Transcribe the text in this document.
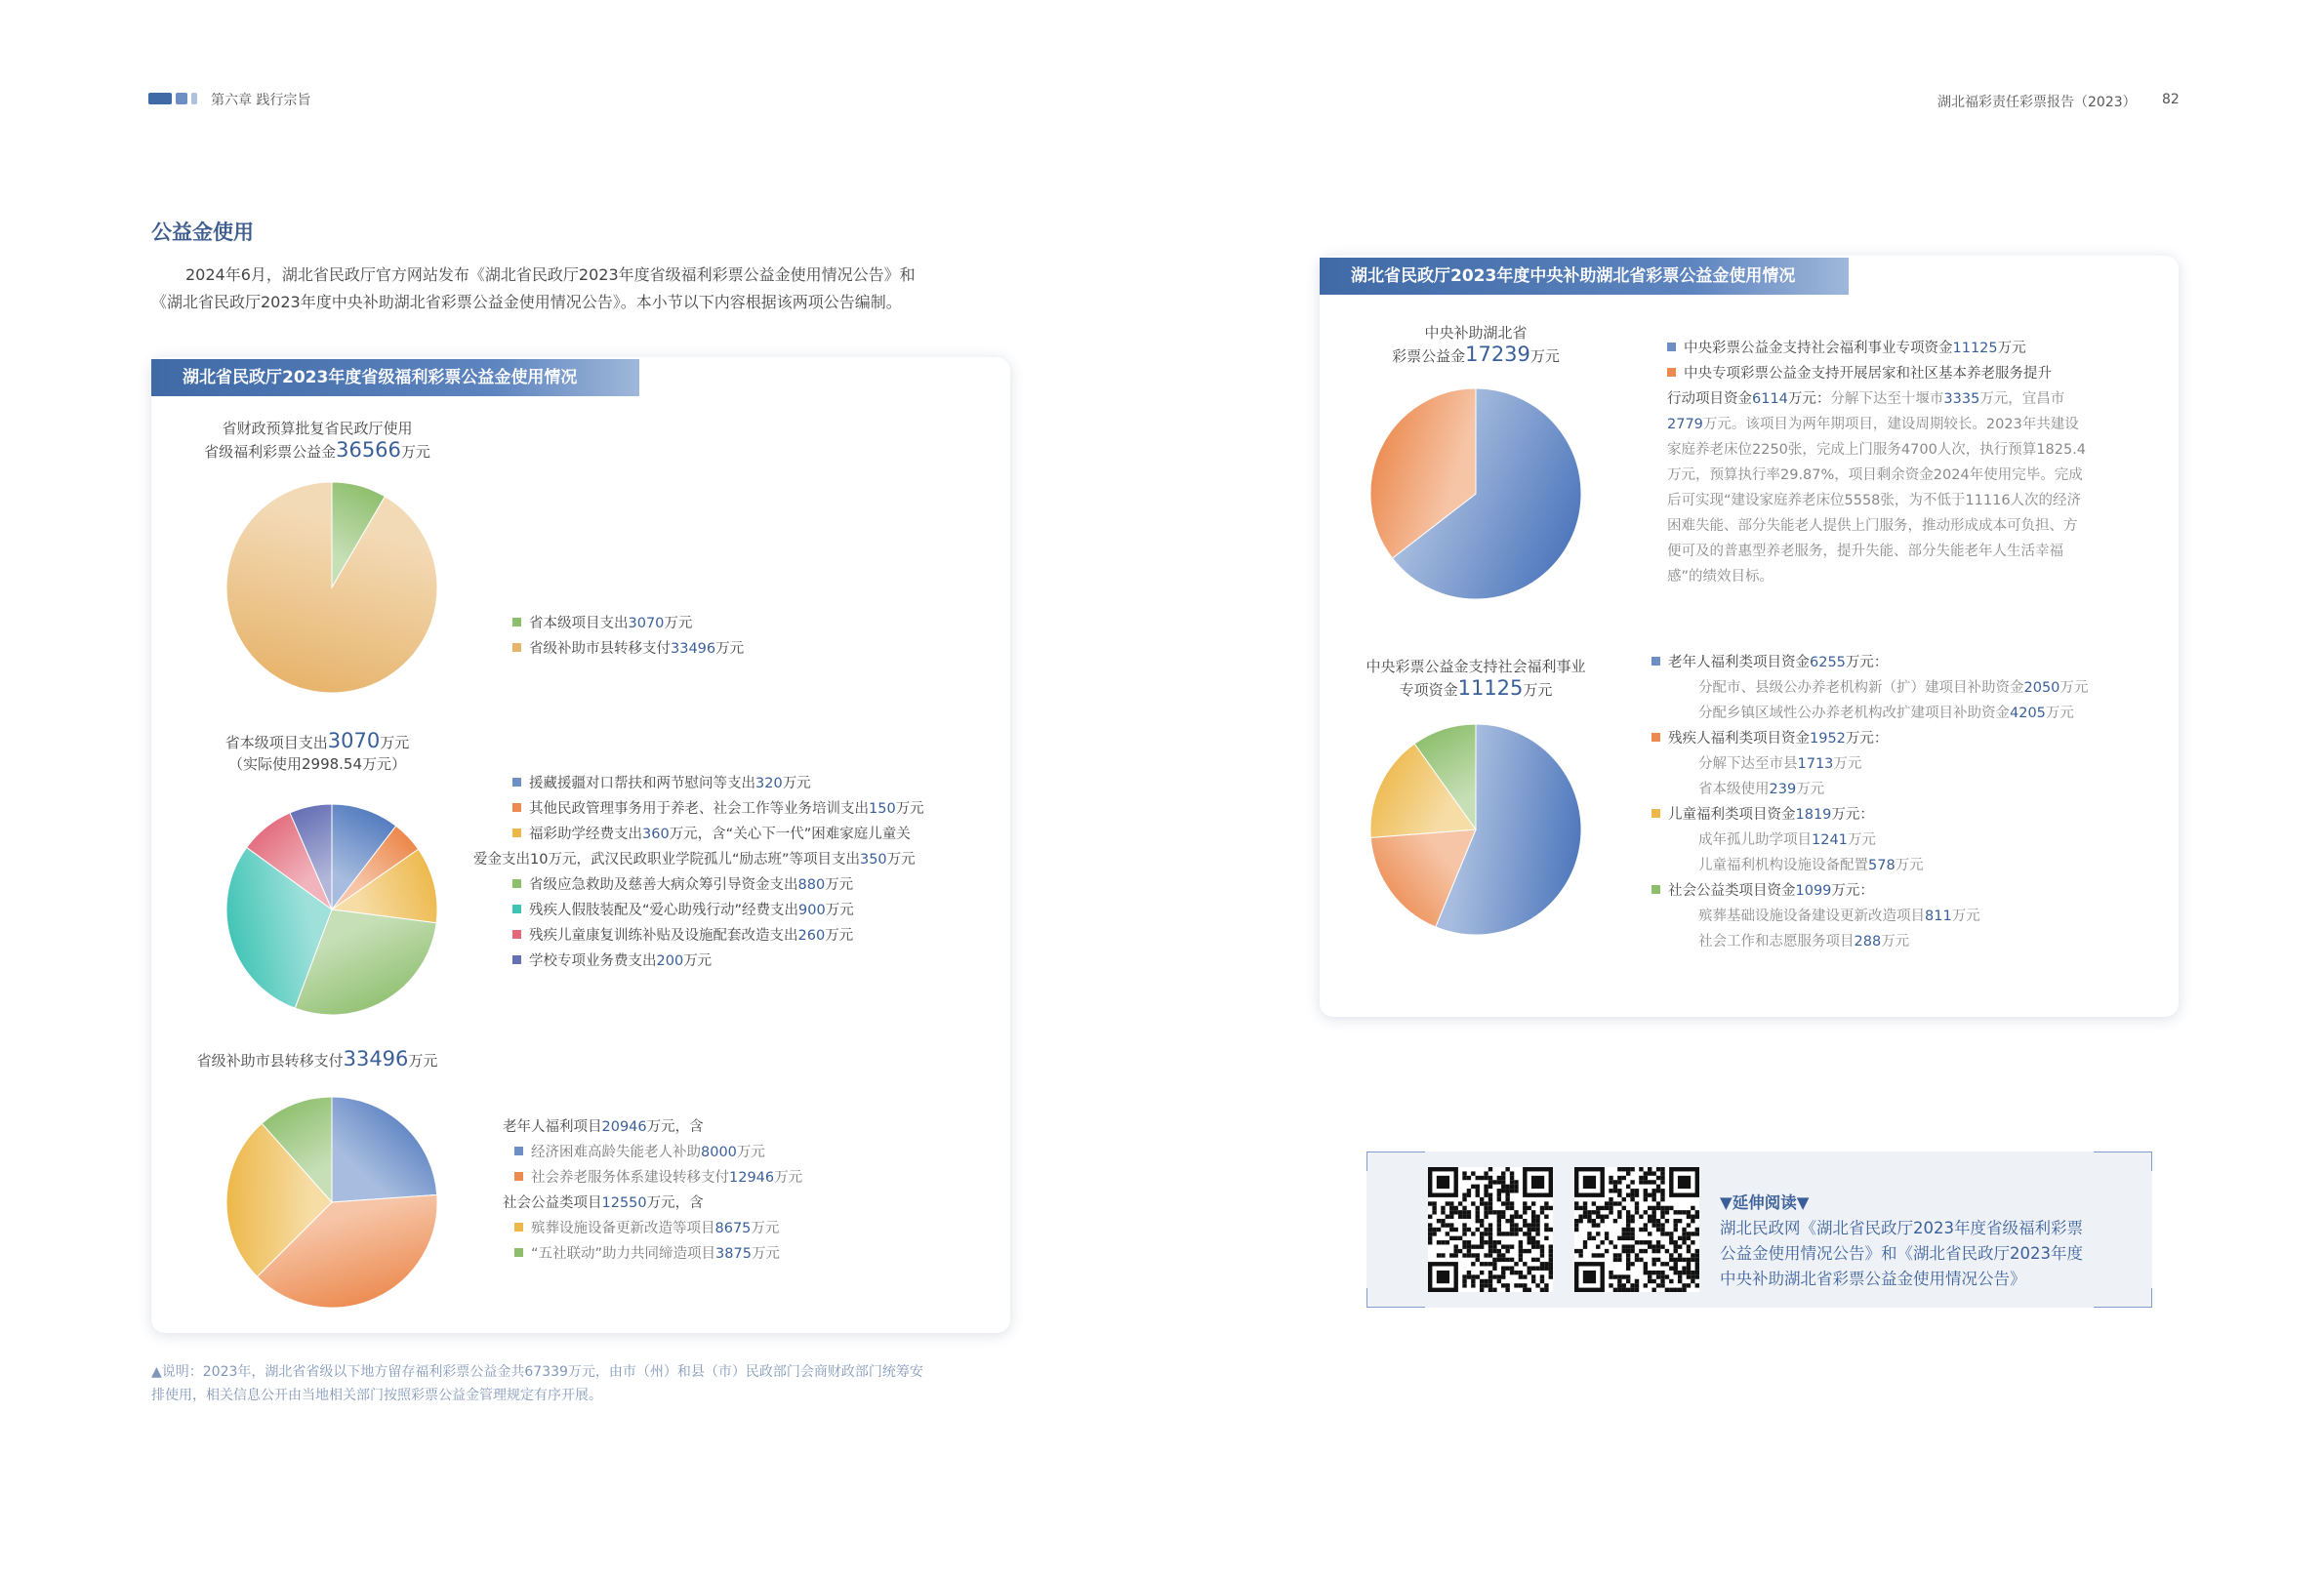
第六章 践行宗旨	湖北福彩责任彩票报告（2023） 82
公益金使用
2024年6月，湖北省民政厅官方网站发布《湖北省民政厅2023年度省级福利彩票公益金使用情况公告》和
《湖北省民政厅2023年度中央补助湖北省彩票公益金使用情况公告》。本小节以下内容根据该两项公告编制。
湖北省民政厅2023年度省级福利彩票公益金使用情况
省财政预算批复省民政厅使用
省级福利彩票公益金36566万元
省本级项目支出3070万元
省级补助市县转移支付33496万元
省本级项目支出3070万元
（实际使用2998.54万元）
援藏援疆对口帮扶和两节慰问等支出320万元
其他民政管理事务用于养老、社会工作等业务培训支出150万元
福彩助学经费支出360万元，含“关心下一代”困难家庭儿童关
爱金支出10万元，武汉民政职业学院孤儿“励志班”等项目支出350万元
省级应急救助及慈善大病众筹引导资金支出880万元
残疾人假肢装配及“爱心助残行动”经费支出900万元
残疾儿童康复训练补贴及设施配套改造支出260万元
学校专项业务费支出200万元
省级补助市县转移支付33496万元
老年人福利项目20946万元，含
经济困难高龄失能老人补助8000万元
社会养老服务体系建设转移支付12946万元
社会公益类项目12550万元，含
殡葬设施设备更新改造等项目8675万元
“五社联动”助力共同缔造项目3875万元
▲说明：2023年，湖北省省级以下地方留存福利彩票公益金共67339万元，由市（州）和县（市）民政部门会商财政部门统筹安
排使用，相关信息公开由当地相关部门按照彩票公益金管理规定有序开展。
湖北省民政厅2023年度中央补助湖北省彩票公益金使用情况
中央补助湖北省
彩票公益金17239万元	中央彩票公益金支持社会福利事业专项资金11125万元
中央专项彩票公益金支持开展居家和社区基本养老服务提升
行动项目资金6114万元：分解下达至十堰市3335万元，宜昌市
2779万元。该项目为两年期项目，建设周期较长。2023年共建设
家庭养老床位2250张，完成上门服务4700人次，执行预算1825.4
万元，预算执行率29.87%，项目剩余资金2024年使用完毕。完成
后可实现“建设家庭养老床位5558张，为不低于11116人次的经济
困难失能、部分失能老人提供上门服务，推动形成成本可负担、方
便可及的普惠型养老服务，提升失能、部分失能老年人生活幸福
感”的绩效目标。
中央彩票公益金支持社会福利事业
专项资金11125万元
老年人福利类项目资金6255万元：
分配市、县级公办养老机构新（扩）建项目补助资金2050万元
分配乡镇区域性公办养老机构改扩建项目补助资金4205万元
残疾人福利类项目资金1952万元：
分解下达至市县1713万元
省本级使用239万元
儿童福利类项目资金1819万元：
成年孤儿助学项目1241万元
儿童福利机构设施设备配置578万元
社会公益类项目资金1099万元：
殡葬基础设施设备建设更新改造项目811万元
社会工作和志愿服务项目288万元
▼延伸阅读▼
湖北民政网《湖北省民政厅2023年度省级福利彩票
公益金使用情况公告》和《湖北省民政厅2023年度
中央补助湖北省彩票公益金使用情况公告》
